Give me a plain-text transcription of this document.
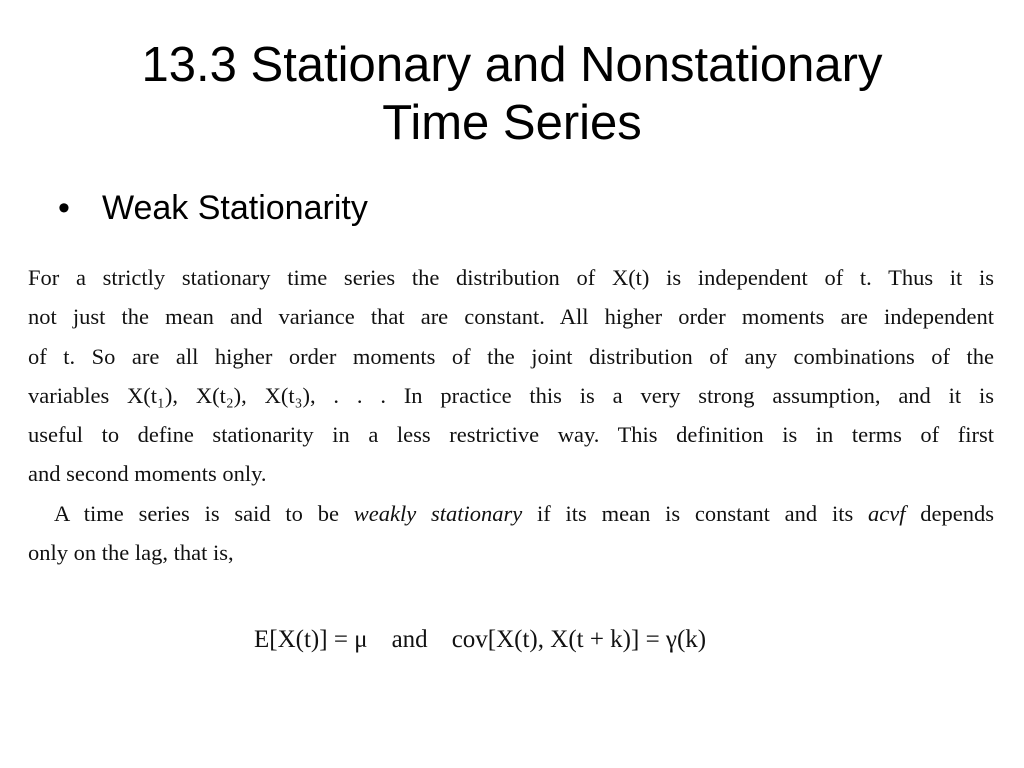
13.3 Stationary and Nonstationary
Time Series
• Weak Stationarity
For a strictly stationary time series the distribution of X(t) is independent of t. Thus it is
not just the mean and variance that are constant. All higher order moments are independent
of t. So are all higher order moments of the joint distribution of any combinations of the
variables X(t₁), X(t₂), X(t₃), . . . In practice this is a very strong assumption, and it is
useful to define stationarity in a less restrictive way. This definition is in terms of first
and second moments only.
A time series is said to be weakly stationary if its mean is constant and its acvf depends
only on the lag, that is,
E[X(t)] = μ and cov[X(t), X(t + k)] = γ(k)
